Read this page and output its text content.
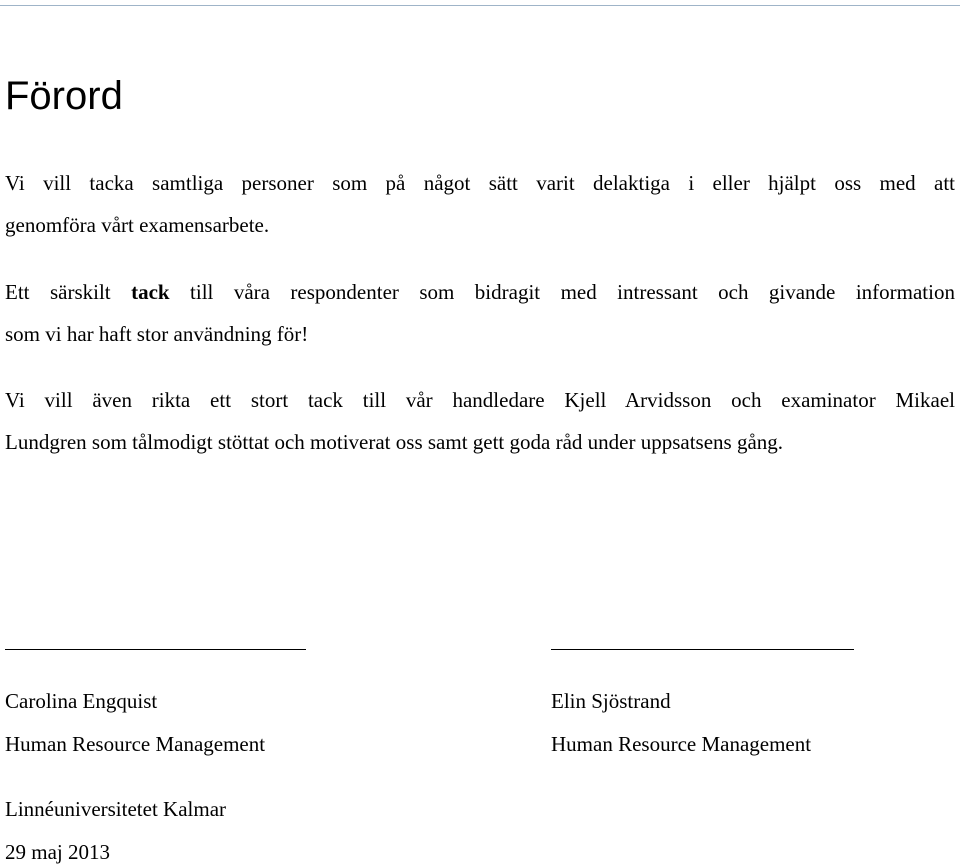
Förord

Vi vill tacka samtliga personer som på något sätt varit delaktiga i eller hjälpt oss med att
genomföra vårt examensarbete.

Ett särskilt tack till våra respondenter som bidragit med intressant och givande information
som vi har haft stor användning för!

Vi vill även rikta ett stort tack till vår handledare Kjell Arvidsson och examinator Mikael
Lundgren som tålmodigt stöttat och motiverat oss samt gett goda råd under uppsatsens gång.

Carolina Engquist
Human Resource Management
Elin Sjöstrand
Human Resource Management
Linnéuniversitetet Kalmar
29 maj 2013
